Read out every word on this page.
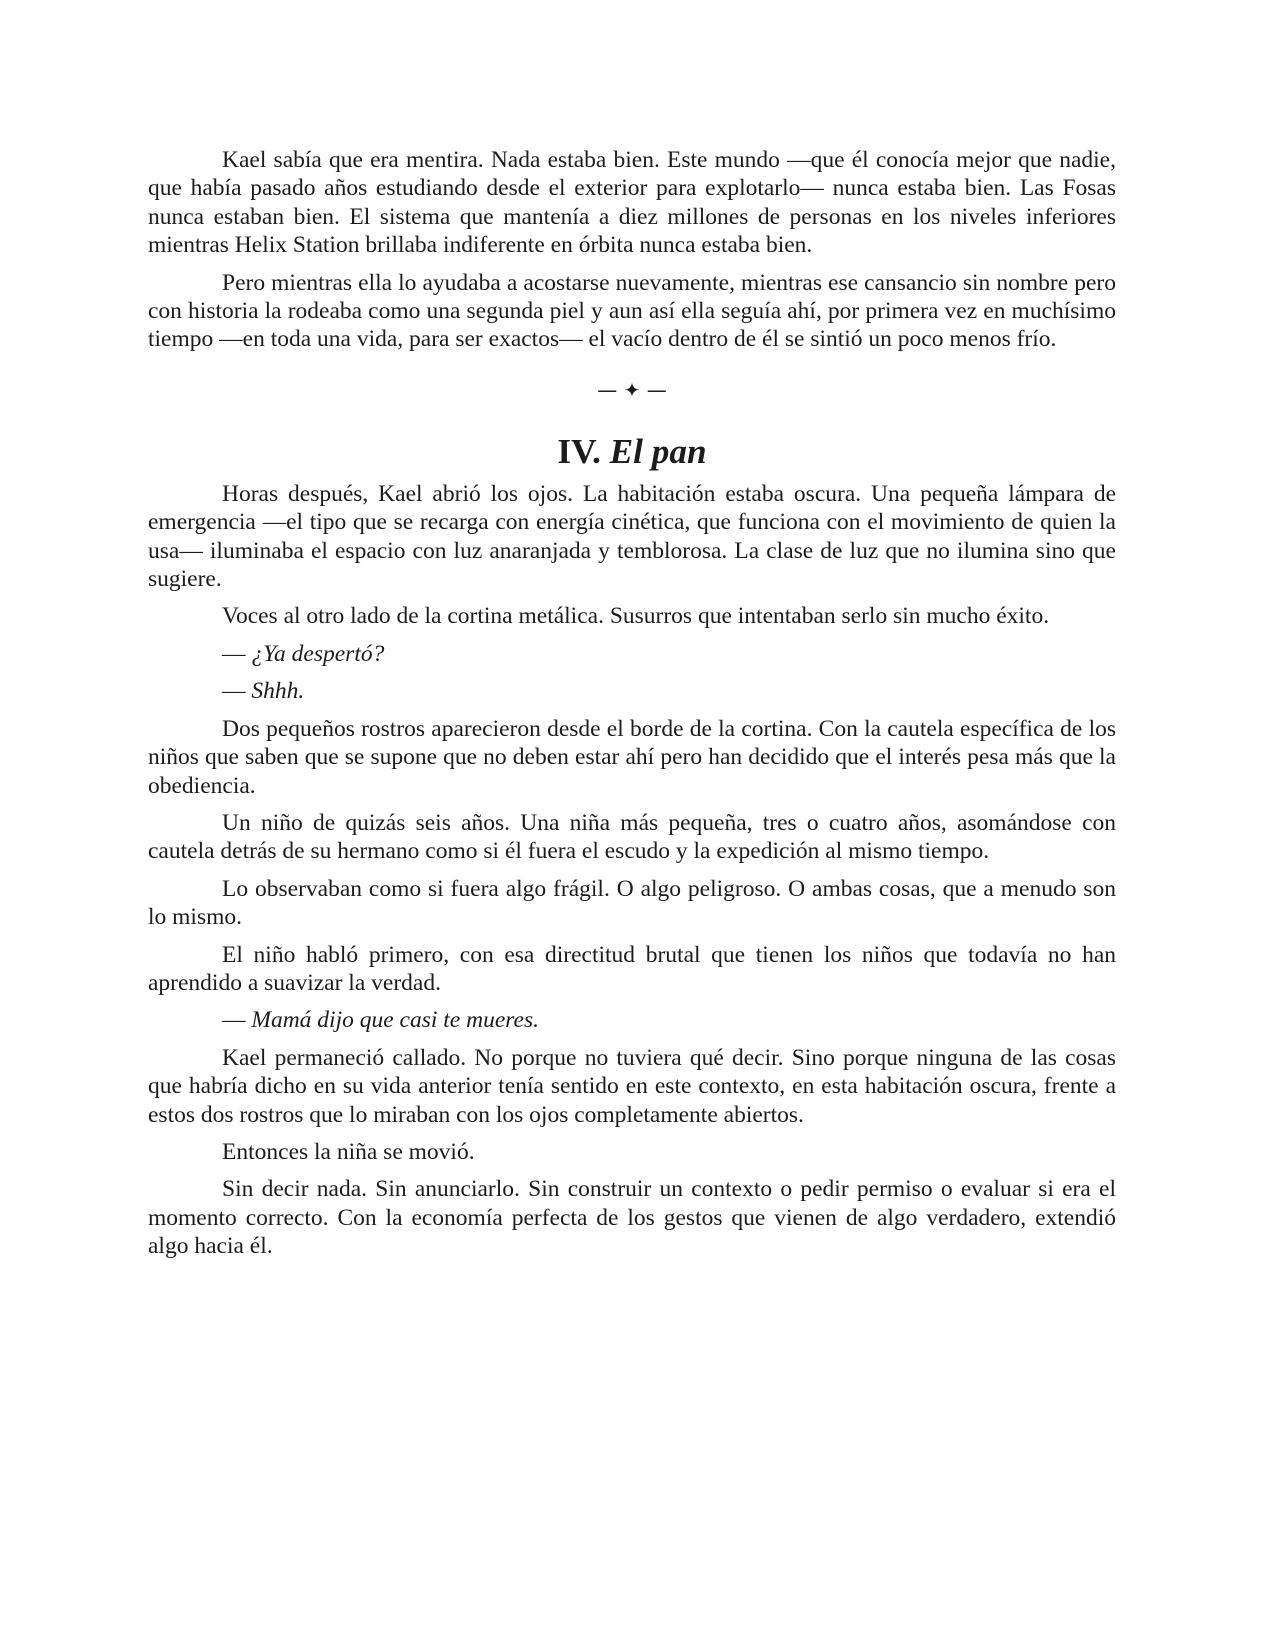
Kael sabía que era mentira. Nada estaba bien. Este mundo —que él conocía mejor que nadie, que había pasado años estudiando desde el exterior para explotarlo— nunca estaba bien. Las Fosas nunca estaban bien. El sistema que mantenía a diez millones de personas en los niveles inferiores mientras Helix Station brillaba indiferente en órbita nunca estaba bien.

Pero mientras ella lo ayudaba a acostarse nuevamente, mientras ese cansancio sin nombre pero con historia la rodeaba como una segunda piel y aun así ella seguía ahí, por primera vez en muchísimo tiempo —en toda una vida, para ser exactos— el vacío dentro de él se sintió un poco menos frío.

— ✦ —
IV. El pan

Horas después, Kael abrió los ojos. La habitación estaba oscura. Una pequeña lámpara de emergencia —el tipo que se recarga con energía cinética, que funciona con el movimiento de quien la usa— iluminaba el espacio con luz anaranjada y temblorosa. La clase de luz que no ilumina sino que sugiere.

Voces al otro lado de la cortina metálica. Susurros que intentaban serlo sin mucho éxito.

— ¿Ya despertó?

— Shhh.

Dos pequeños rostros aparecieron desde el borde de la cortina. Con la cautela específica de los niños que saben que se supone que no deben estar ahí pero han decidido que el interés pesa más que la obediencia.

Un niño de quizás seis años. Una niña más pequeña, tres o cuatro años, asomándose con cautela detrás de su hermano como si él fuera el escudo y la expedición al mismo tiempo.

Lo observaban como si fuera algo frágil. O algo peligroso. O ambas cosas, que a menudo son lo mismo.

El niño habló primero, con esa directitud brutal que tienen los niños que todavía no han aprendido a suavizar la verdad.

— Mamá dijo que casi te mueres.

Kael permaneció callado. No porque no tuviera qué decir. Sino porque ninguna de las cosas que habría dicho en su vida anterior tenía sentido en este contexto, en esta habitación oscura, frente a estos dos rostros que lo miraban con los ojos completamente abiertos.

Entonces la niña se movió.

Sin decir nada. Sin anunciarlo. Sin construir un contexto o pedir permiso o evaluar si era el momento correcto. Con la economía perfecta de los gestos que vienen de algo verdadero, extendió algo hacia él.
